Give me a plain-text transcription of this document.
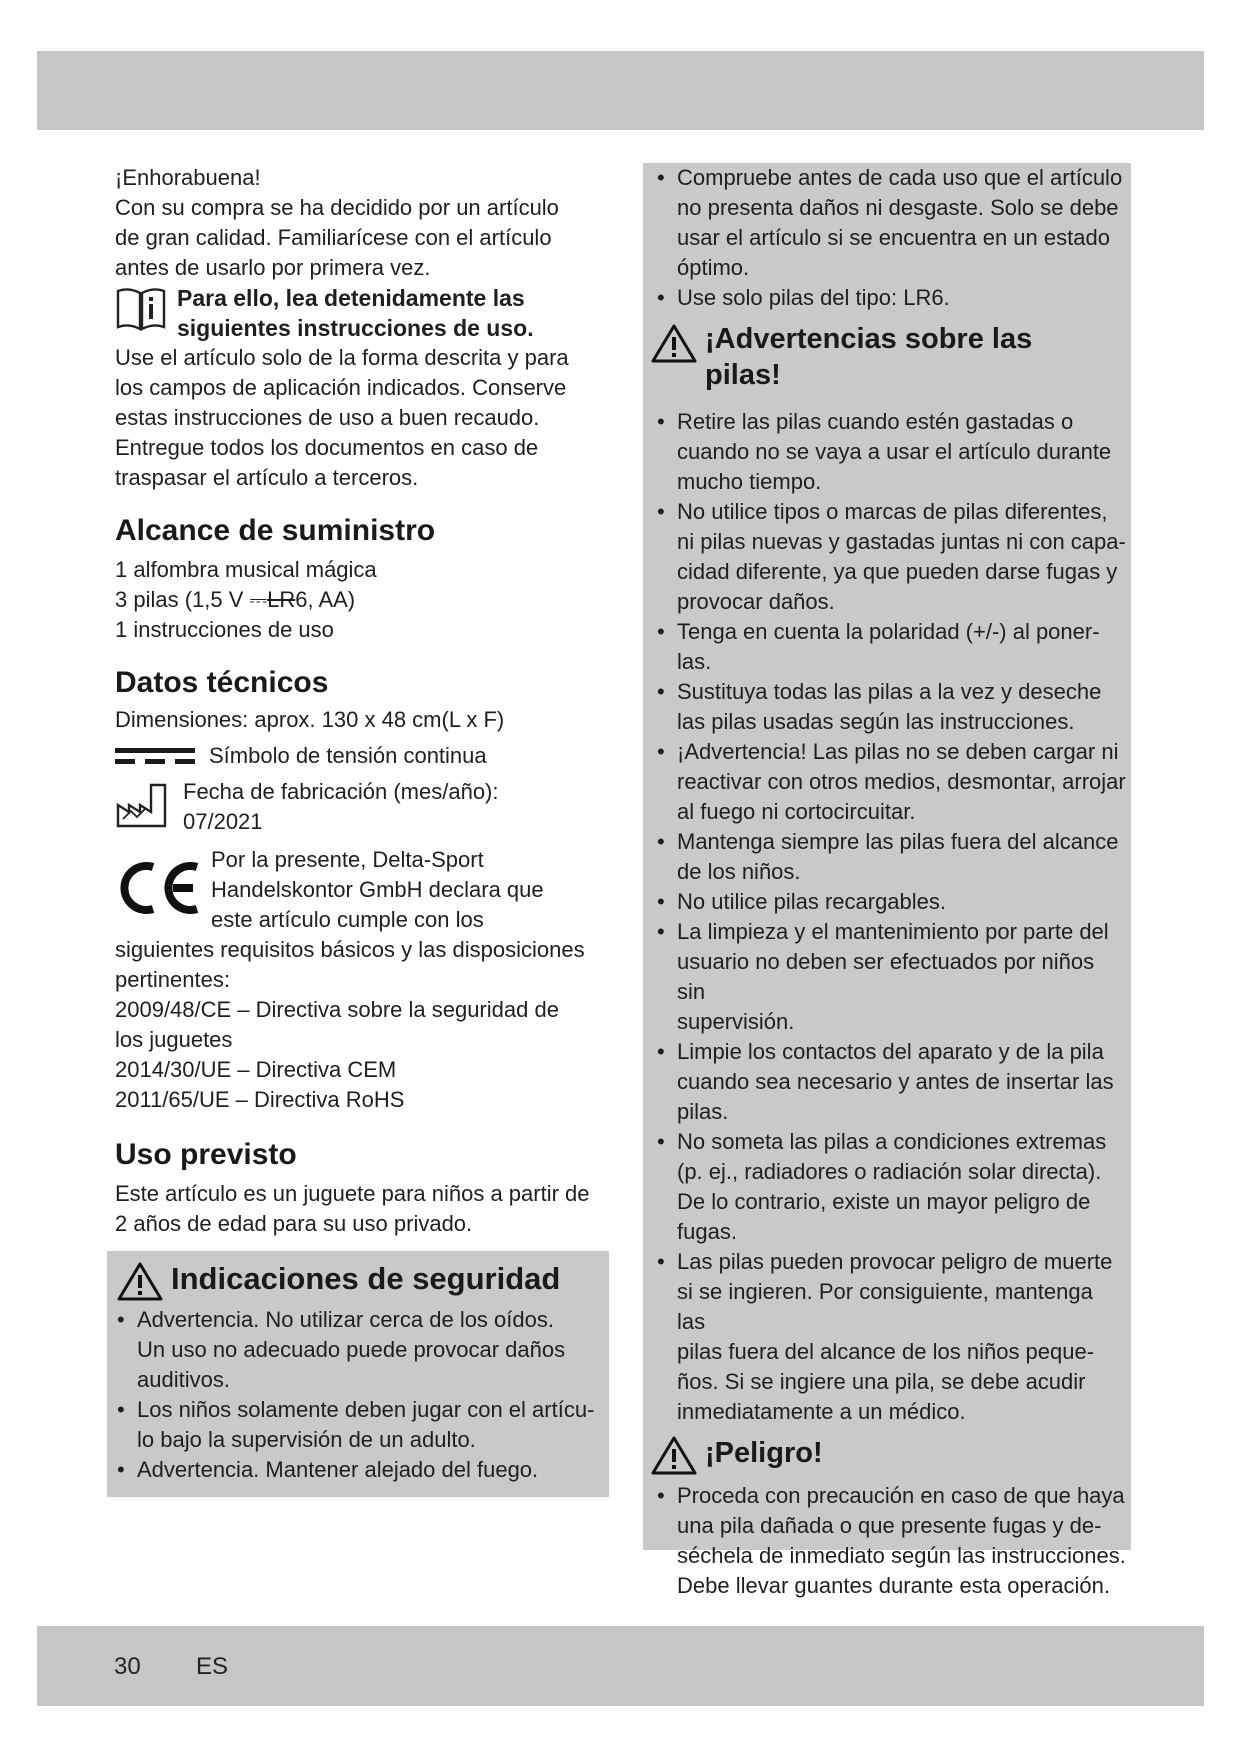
¡Enhorabuena!

Con su compra se ha decidido por un artículo

de gran calidad. Familiarícese con el artículo

antes de usarlo por primera vez.

Para ello, lea detenidamente las

siguientes instrucciones de uso.

Use el artículo solo de la forma descrita y para

los campos de aplicación indicados. Conserve

estas instrucciones de uso a buen recaudo.

Entregue todos los documentos en caso de

traspasar el artículo a terceros.

Alcance de suministro

1 alfombra musical mágica

3 pilas (1,5 V ⎓LR6, AA)

1 instrucciones de uso

Datos técnicos

Dimensiones: aprox. 130 x 48 cm(L x F)

Símbolo de tensión continua

Fecha de fabricación (mes/año):

07/2021

Por la presente, Delta-Sport

Handelskontor GmbH declara que

este artículo cumple con los

siguientes requisitos básicos y las disposiciones

pertinentes:

2009/48/CE – Directiva sobre la seguridad de

los juguetes

2014/30/UE – Directiva CEM

2011/65/UE – Directiva RoHS

Uso previsto

Este artículo es un juguete para niños a partir de

2 años de edad para su uso privado.

Indicaciones de seguridad
• Advertencia. No utilizar cerca de los oídos.
Un uso no adecuado puede provocar daños
auditivos.
• Los niños solamente deben jugar con el artícu-
lo bajo la supervisión de un adulto.
• Advertencia. Mantener alejado del fuego.
• Compruebe antes de cada uso que el artículo
no presenta daños ni desgaste. Solo se debe
usar el artículo si se encuentra en un estado
óptimo.
• Use solo pilas del tipo: LR6.
¡Advertencias sobre las
pilas!
• Retire las pilas cuando estén gastadas o
cuando no se vaya a usar el artículo durante
mucho tiempo.
• No utilice tipos o marcas de pilas diferentes,
ni pilas nuevas y gastadas juntas ni con capa-
cidad diferente, ya que pueden darse fugas y
provocar daños.
• Tenga en cuenta la polaridad (+/-) al poner-
las.
• Sustituya todas las pilas a la vez y deseche
las pilas usadas según las instrucciones.
• ¡Advertencia! Las pilas no se deben cargar ni
reactivar con otros medios, desmontar, arrojar
al fuego ni cortocircuitar.
• Mantenga siempre las pilas fuera del alcance
de los niños.
• No utilice pilas recargables.
• La limpieza y el mantenimiento por parte del
usuario no deben ser efectuados por niños sin
supervisión.
• Limpie los contactos del aparato y de la pila
cuando sea necesario y antes de insertar las
pilas.
• No someta las pilas a condiciones extremas
(p. ej., radiadores o radiación solar directa).
De lo contrario, existe un mayor peligro de
fugas.
• Las pilas pueden provocar peligro de muerte
si se ingieren. Por consiguiente, mantenga las
pilas fuera del alcance de los niños peque-
ños. Si se ingiere una pila, se debe acudir
inmediatamente a un médico.
¡Peligro!
• Proceda con precaución en caso de que haya
una pila dañada o que presente fugas y de-
séchela de inmediato según las instrucciones.
Debe llevar guantes durante esta operación.
30 ES
